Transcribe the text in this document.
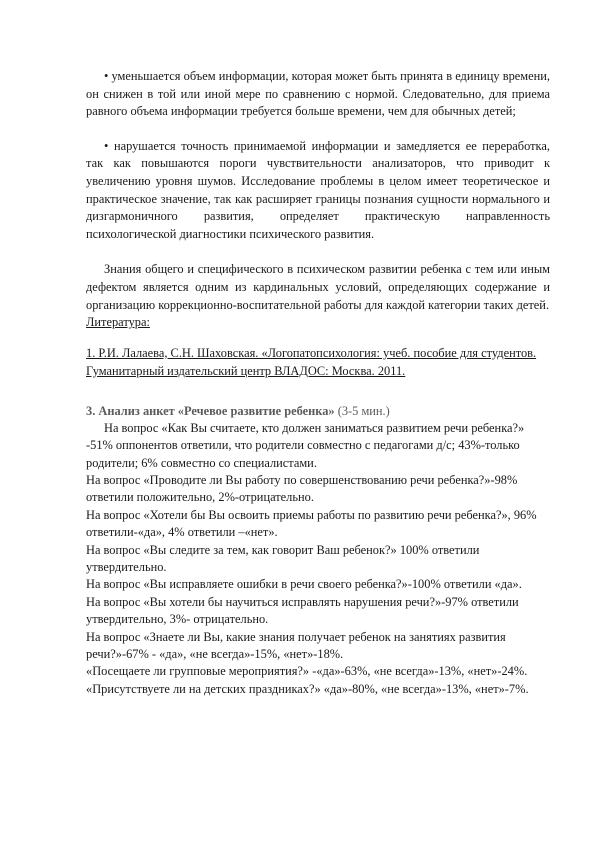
• уменьшается объем информации, которая может быть принята в единицу времени, он снижен в той или иной мере по сравнению с нормой. Следовательно, для приема равного объема информации требуется больше времени, чем для обычных детей;

• нарушается точность принимаемой информации и замедляется ее переработка, так как повышаются пороги чувствительности анализаторов, что приводит к увеличению уровня шумов. Исследование проблемы в целом имеет теоретическое и практическое значение, так как расширяет границы познания сущности нормального и дизгармоничного развития, определяет практическую направленность психологической диагностики психического развития.

Знания общего и специфического в психическом развитии ребенка с тем или иным дефектом является одним из кардинальных условий, определяющих содержание и организацию коррекционно-воспитательной работы для каждой категории таких детей.

Литература:

1. Р.И. Лалаева, С.Н. Шаховская. «Логопатопсихология: учеб. пособие для студентов. Гуманитарный издательский центр ВЛАДОС: Москва. 2011.

3. Анализ анкет «Речевое развитие ребенка» (3-5 мин.)

На вопрос «Как Вы считаете, кто должен заниматься развитием речи ребенка?» -51% оппонентов ответили, что родители совместно с педагогами д/с; 43%-только родители; 6% совместно со специалистами.

На вопрос «Проводите ли Вы работу по совершенствованию речи ребенка?»-98% ответили положительно, 2%-отрицательно.

На вопрос «Хотели бы Вы освоить приемы работы по развитию речи ребенка?», 96% ответили-«да», 4% ответили –«нет».

На вопрос «Вы следите за тем, как говорит Ваш ребенок?» 100% ответили утвердительно.

На вопрос «Вы исправляете ошибки в речи своего ребенка?»-100% ответили «да».

На вопрос «Вы хотели бы научиться исправлять нарушения речи?»-97% ответили утвердительно, 3%- отрицательно.

На вопрос «Знаете ли Вы, какие знания получает ребенок на занятиях развития речи?»-67% - «да», «не всегда»-15%, «нет»-18%.

«Посещаете ли групповые мероприятия?» -«да»-63%, «не всегда»-13%, «нет»-24%.

«Присутствуете ли на детских праздниках?» «да»-80%, «не всегда»-13%, «нет»-7%.
